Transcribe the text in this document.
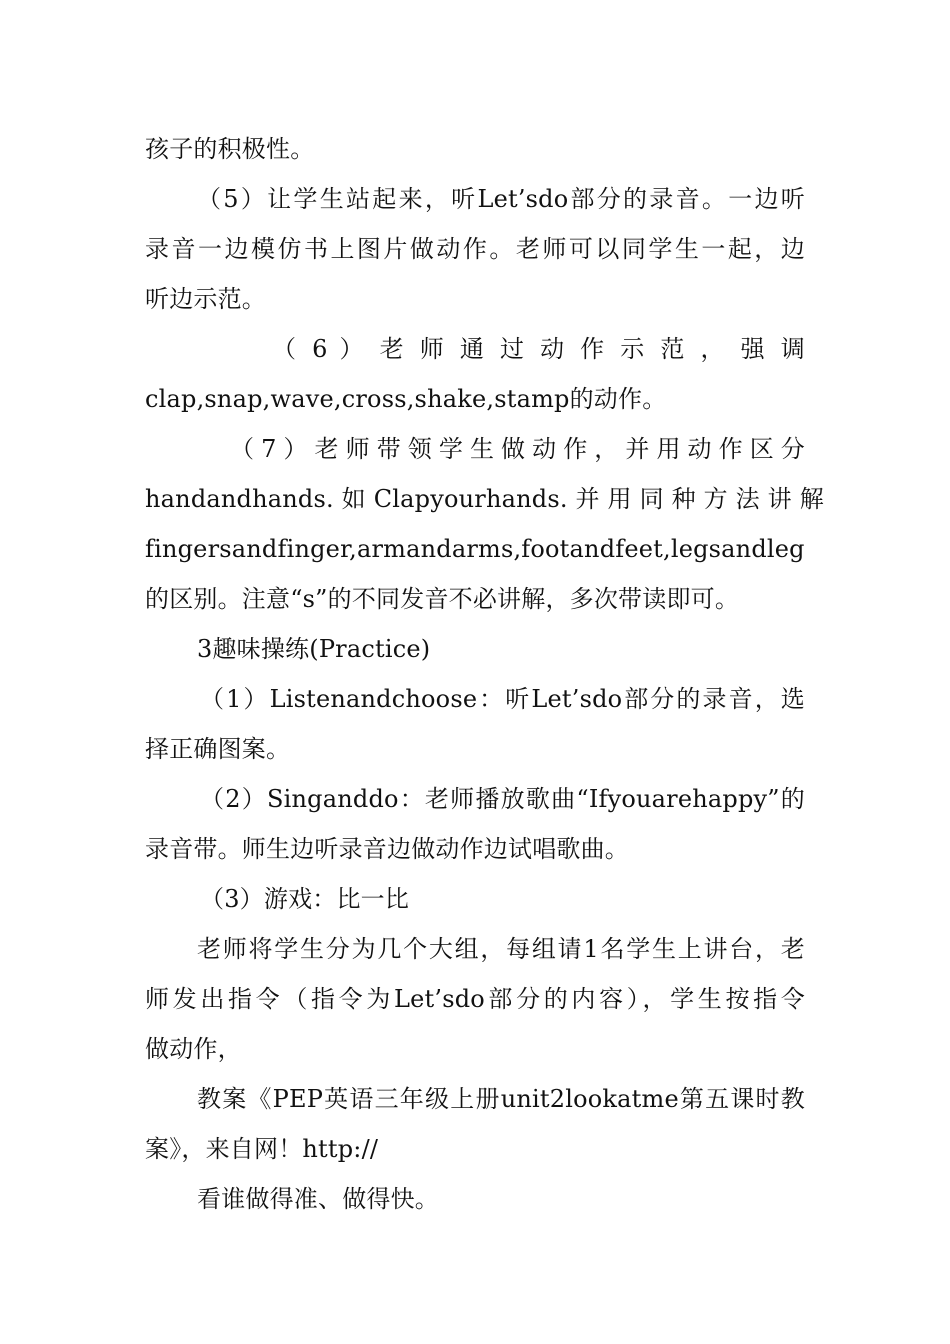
孩子的积极性。
（5）让学生站起来，听Let’sdo部分的录音。一边听
录音一边模仿书上图片做动作。老师可以同学生一起，边
听边示范。
（ 6 ） 老 师 通 过 动 作 示 范 ， 强 调
clap,snap,wave,cross,shake,stamp的动作。
（7）老师带领学生做动作，并用动作区分
handandhands. 如 Clapyourhands. 并 用 同 种 方 法 讲 解
fingersandfinger,armandarms,footandfeet,legsandleg
的区别。注意“s”的不同发音不必讲解，多次带读即可。
3趣味操练(Practice)
（1）Listenandchoose：听Let’sdo部分的录音，选
择正确图案。
（2）Singanddo：老师播放歌曲“Ifyouarehappy”的
录音带。师生边听录音边做动作边试唱歌曲。
（3）游戏：比一比
老师将学生分为几个大组，每组请1名学生上讲台，老
师发出指令（指令为Let’sdo部分的内容），学生按指令
做动作，
教案《PEP英语三年级上册unit2lookatme第五课时教
案》，来自网！http://
看谁做得准、做得快。
